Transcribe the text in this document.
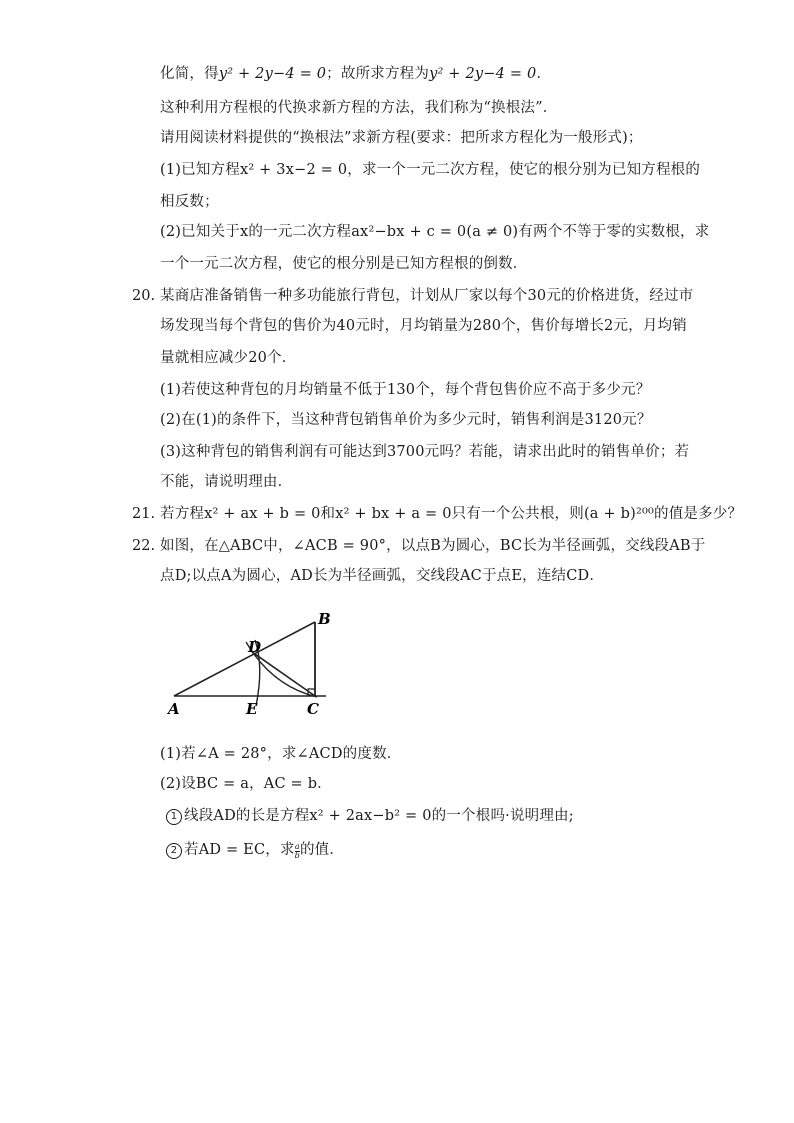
化简，得y² + 2y−4 = 0；故所求方程为y² + 2y−4 = 0．
这种利用方程根的代换求新方程的方法，我们称为“换根法”．
请用阅读材料提供的“换根法”求新方程(要求：把所求方程化为一般形式)；
(1)已知方程x² + 3x−2 = 0，求一个一元二次方程，使它的根分别为已知方程根的
相反数；
(2)已知关于x的一元二次方程ax²−bx + c = 0(a ≠ 0)有两个不等于零的实数根，求
一个一元二次方程，使它的根分别是已知方程根的倒数．
20. 某商店准备销售一种多功能旅行背包，计划从厂家以每个30元的价格进货，经过市
场发现当每个背包的售价为40元时，月均销量为280个，售价每增长2元，月均销
量就相应减少20个．
(1)若使这种背包的月均销量不低于130个，每个背包售价应不高于多少元？
(2)在(1)的条件下，当这种背包销售单价为多少元时，销售利润是3120元？
(3)这种背包的销售利润有可能达到3700元吗？若能，请求出此时的销售单价；若
不能，请说明理由．
21. 若方程x² + ax + b = 0和x² + bx + a = 0只有一个公共根，则(a + b)²⁰⁰的值是多少？
22. 如图，在△ABC中，∠ACB = 90°，以点B为圆心，BC长为半径画弧，交线段AB于
点D;以点A为圆心，AD长为半径画弧，交线段AC于点E，连结CD．
A
B
C
D
E
(1)若∠A = 28°，求∠ACD的度数．
(2)设BC = a，AC = b．
1 线段AD的长是方程x² + 2ax−b² = 0的一个根吗·说明理由;
2 若AD = EC，求 $\frac{a}{b}$ 的值．
